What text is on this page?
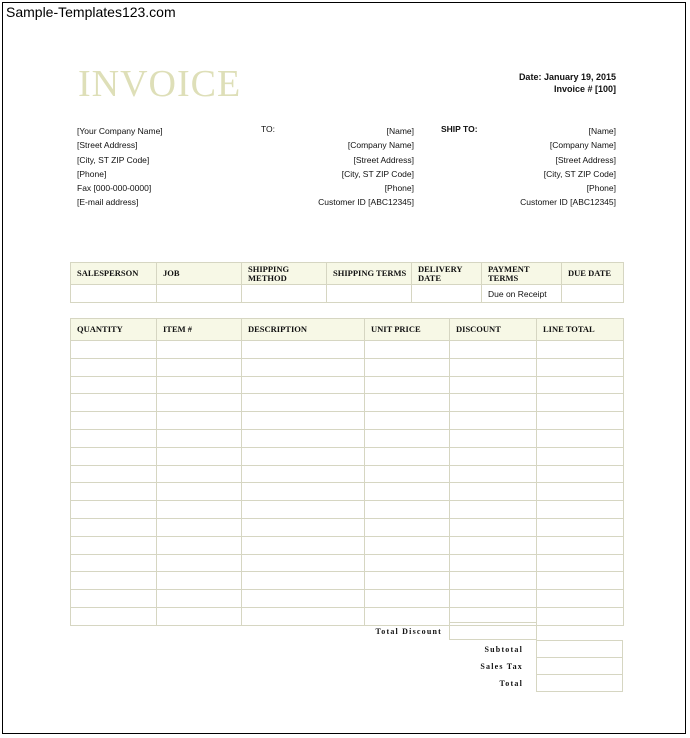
Sample-Templates123.com
INVOICE	Date: January 19, 2015
Invoice # [100]
[Your Company Name]
[Street Address]
[City, ST ZIP Code]
[Phone]
Fax [000-000-0000]
[E-mail address]
TO:	[Name]
[Company Name]
[Street Address]
[City, ST ZIP Code]
[Phone]
Customer ID [ABC12345]
SHIP TO:	[Name]
[Company Name]
[Street Address]
[City, ST ZIP Code]
[Phone]
Customer ID [ABC12345]
SALESPERSON	JOB	SHIPPING METHOD	SHIPPING TERMS	DELIVERY DATE	PAYMENT TERMS	DUE DATE
					Due on Receipt	
QUANTITY	ITEM #	DESCRIPTION	UNIT PRICE	DISCOUNT	LINE TOTAL

Total Discount
Subtotal
Sales Tax
Total
